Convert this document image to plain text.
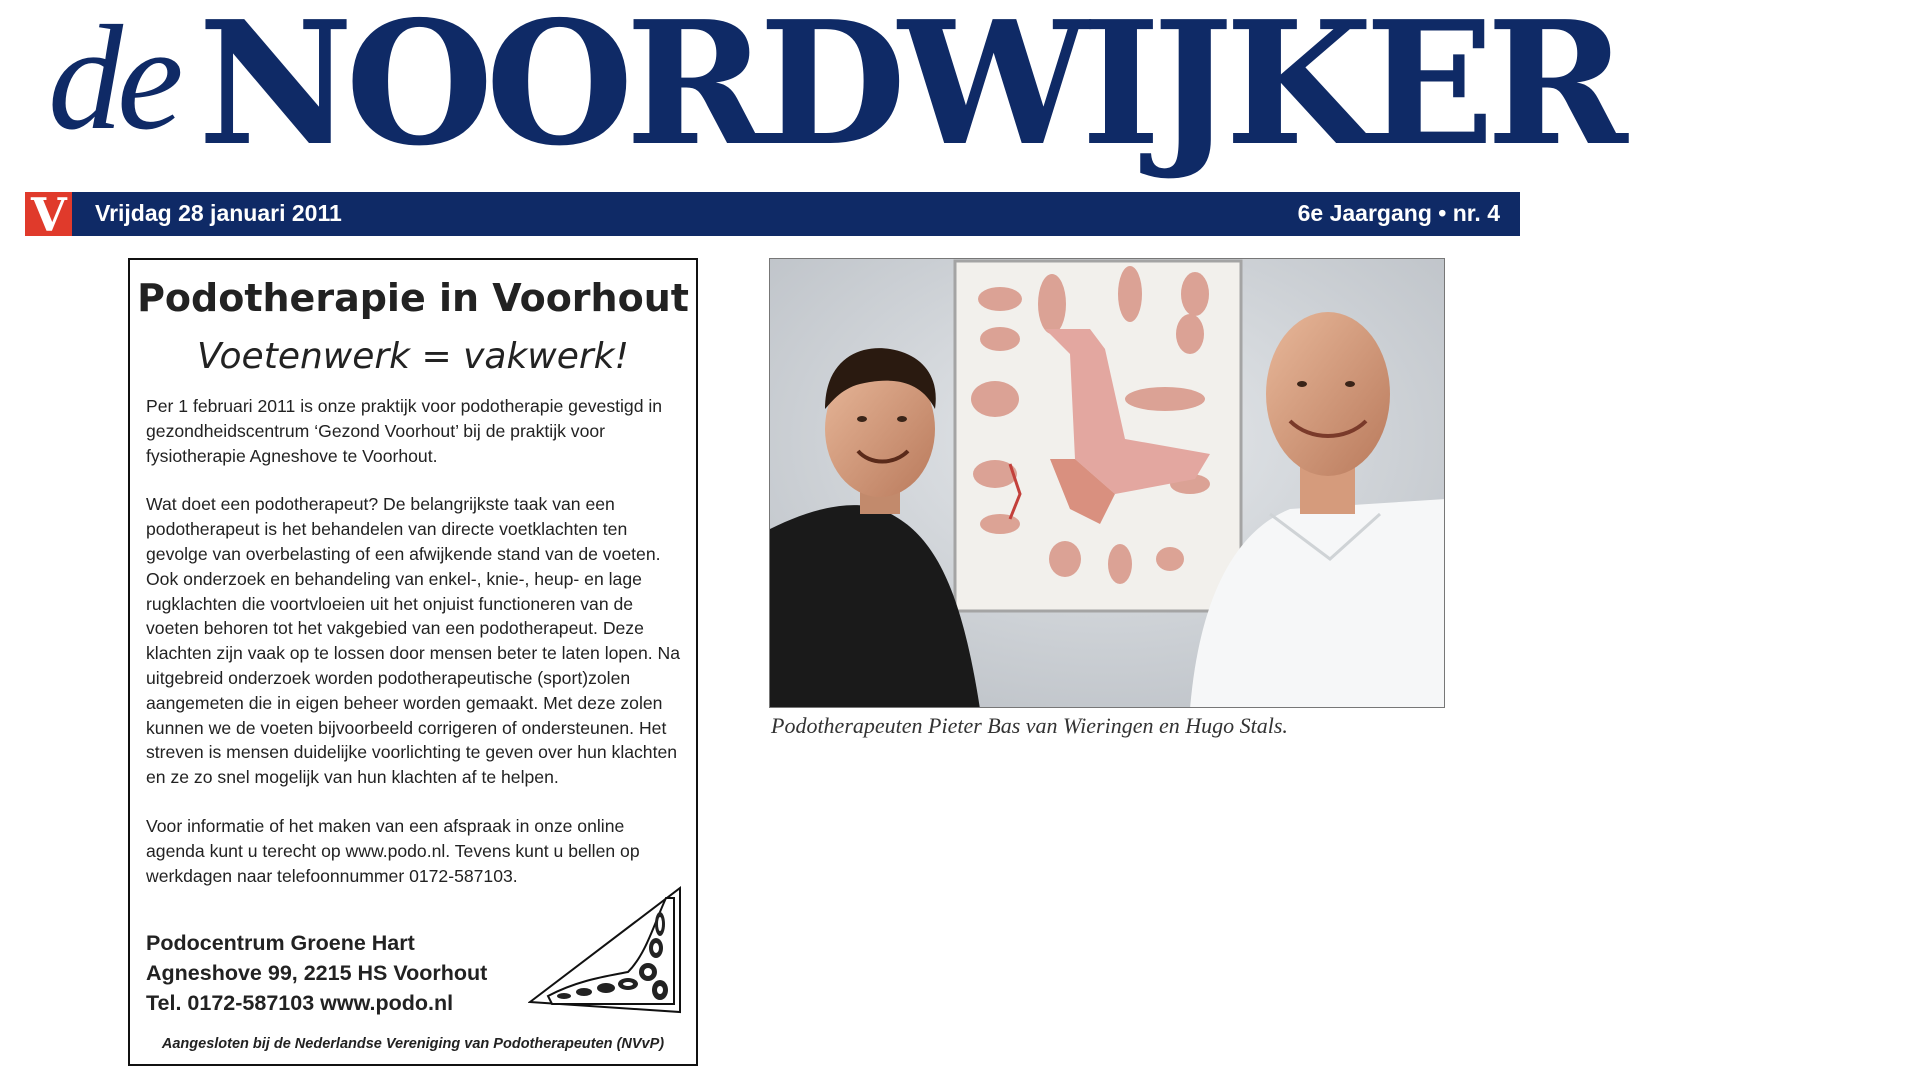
de NOORDWIJKER
Vrijdag 28 januari 2011	6e Jaargang • nr. 4
V
Podotherapie in Voorhout
Voetenwerk = vakwerk!

Per 1 februari 2011 is onze praktijk voor podotherapie gevestigd in gezondheidscentrum ‘Gezond Voorhout’ bij de praktijk voor fysiotherapie Agneshove te Voorhout.

Wat doet een podotherapeut? De belangrijkste taak van een podotherapeut is het behandelen van directe voetklachten ten gevolge van overbelasting of een afwijkende stand van de voeten. Ook onderzoek en behandeling van enkel-, knie-, heup- en lage rugklachten die voortvloeien uit het onjuist functioneren van de voeten behoren tot het vakgebied van een podotherapeut. Deze klachten zijn vaak op te lossen door mensen beter te laten lopen. Na uitgebreid onderzoek worden podotherapeutische (sport)zolen aangemeten die in eigen beheer worden gemaakt. Met deze zolen kunnen we de voeten bijvoorbeeld corrigeren of ondersteunen. Het streven is mensen duidelijke voorlichting te geven over hun klachten en ze zo snel mogelijk van hun klachten af te helpen.

Voor informatie of het maken van een afspraak in onze online agenda kunt u terecht op www.podo.nl. Tevens kunt u bellen op werkdagen naar telefoonnummer 0172-587103.

Podocentrum Groene Hart
Agneshove 99, 2215 HS Voorhout
Tel. 0172-587103 www.podo.nl
Aangesloten bij de Nederlandse Vereniging van Podotherapeuten (NVvP)
Podotherapeuten Pieter Bas van Wieringen en Hugo Stals.
